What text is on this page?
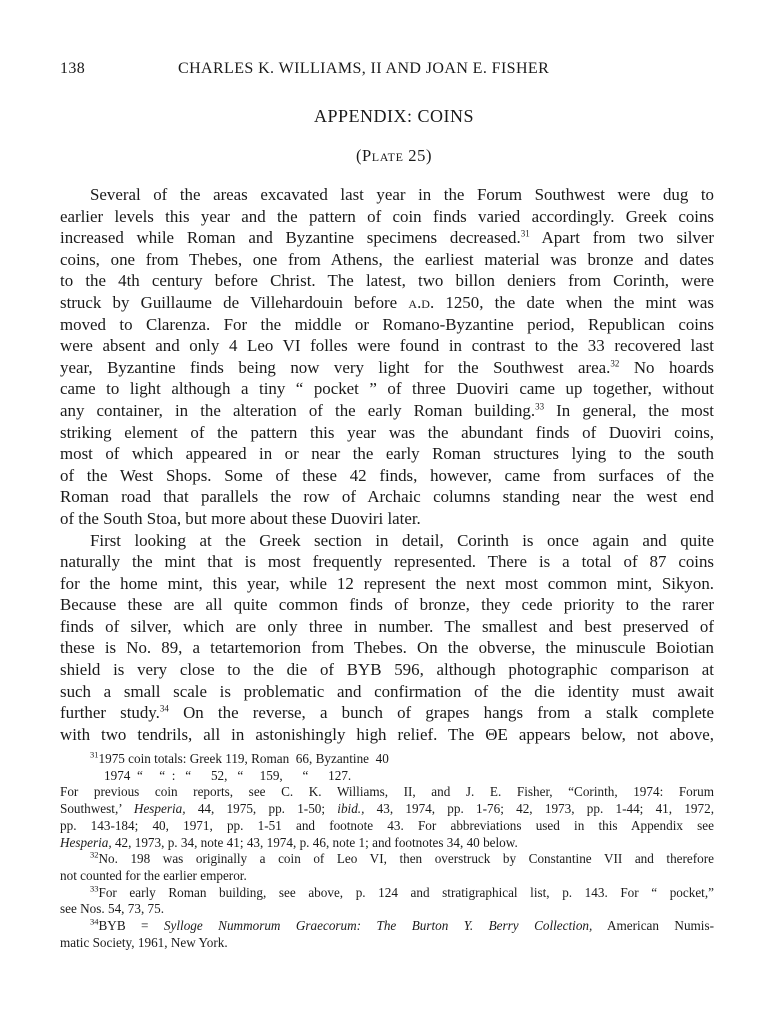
138	CHARLES K. WILLIAMS, II AND JOAN E. FISHER
APPENDIX: COINS
(Plate 25)

Several of the areas excavated last year in the Forum Southwest were dug to
earlier levels this year and the pattern of coin finds varied accordingly. Greek coins
increased while Roman and Byzantine specimens decreased.$^{31}$ Apart from two silver
coins, one from Thebes, one from Athens, the earliest material was bronze and dates
to the 4th century before Christ. The latest, two billon deniers from Corinth, were
struck by Guillaume de Villehardouin before a.d. 1250, the date when the mint was
moved to Clarenza. For the middle or Romano-Byzantine period, Republican coins
were absent and only 4 Leo VI folles were found in contrast to the 33 recovered last
year, Byzantine finds being now very light for the Southwest area.$^{32}$ No hoards
came to light although a tiny “ pocket ” of three Duoviri came up together, without
any container, in the alteration of the early Roman building.$^{33}$ In general, the most
striking element of the pattern this year was the abundant finds of Duoviri coins,
most of which appeared in or near the early Roman structures lying to the south
of the West Shops. Some of these 42 finds, however, came from surfaces of the
Roman road that parallels the row of Archaic columns standing near the west end
of the South Stoa, but more about these Duoviri later.

First looking at the Greek section in detail, Corinth is once again and quite
naturally the mint that is most frequently represented. There is a total of 87 coins
for the home mint, this year, while 12 represent the next most common mint, Sikyon.
Because these are all quite common finds of bronze, they cede priority to the rarer
finds of silver, which are only three in number. The smallest and best preserved of
these is No. 89, a tetartemorion from Thebes. On the obverse, the minuscule Boiotian
shield is very close to the die of BYB 596, although photographic comparison at
such a small scale is problematic and confirmation of the die identity must await
further study.$^{34}$ On the reverse, a bunch of grapes hangs from a stalk complete
with two tendrils, all in astonishingly high relief. The ΘE appears below, not above,

$^{31}$1975 coin totals: Greek 119, Roman  66, Byzantine  40
1974  “     “  :   “      52,   “     159,      “      127.
For previous coin reports, see C. K. Williams, II, and J. E. Fisher, “Corinth, 1974: Forum
Southwest,’ Hesperia, 44, 1975, pp. 1-50; ibid., 43, 1974, pp. 1-76; 42, 1973, pp. 1-44; 41, 1972,
pp. 143-184; 40, 1971, pp. 1-51 and footnote 43. For abbreviations used in this Appendix see
Hesperia, 42, 1973, p. 34, note 41; 43, 1974, p. 46, note 1; and footnotes 34, 40 below.
$^{32}$No. 198 was originally a coin of Leo VI, then overstruck by Constantine VII and therefore
not counted for the earlier emperor.
$^{33}$For early Roman building, see above, p. 124 and stratigraphical list, p. 143. For “ pocket,”
see Nos. 54, 73, 75.
$^{34}$BYB = Sylloge Nummorum Graecorum: The Burton Y. Berry Collection, American Numis-
matic Society, 1961, New York.
